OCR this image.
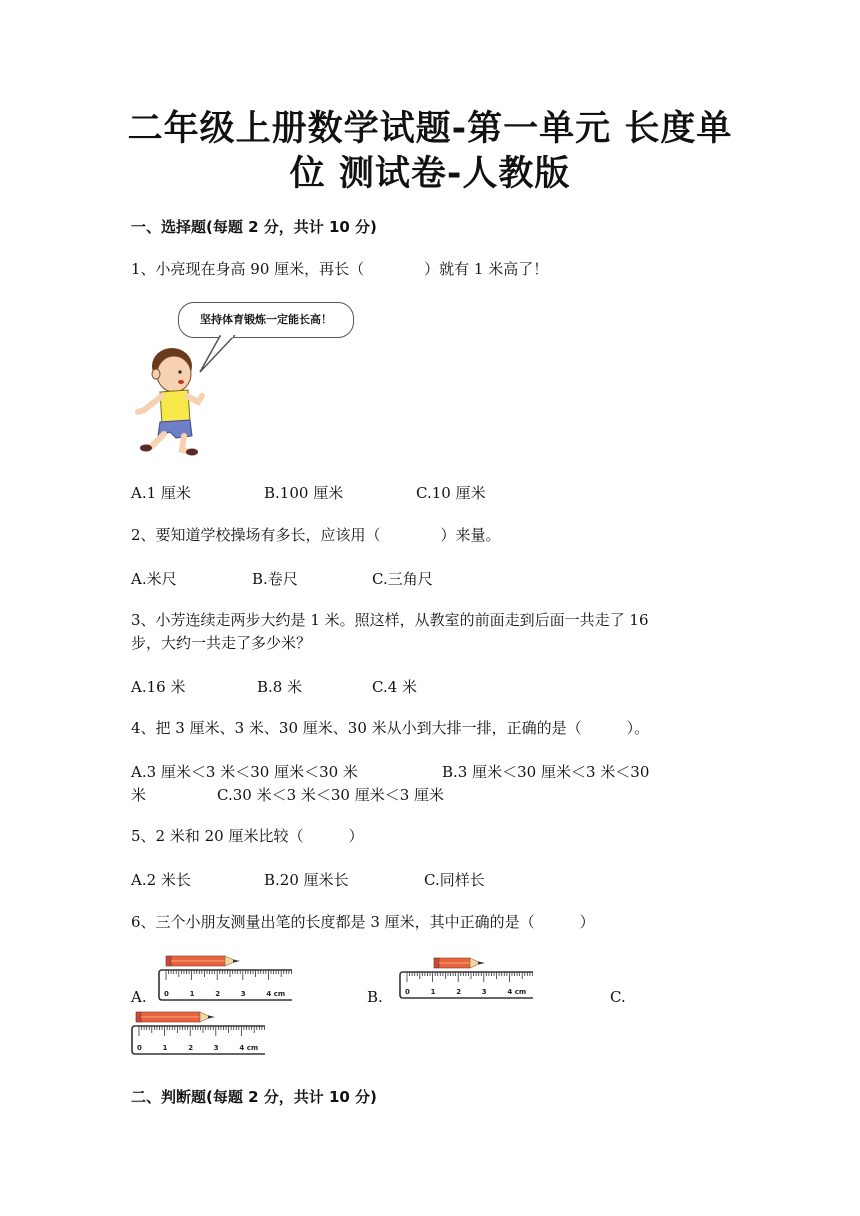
二年级上册数学试题-第一单元 长度单
位 测试卷-人教版
一、选择题(每题 2 分，共计 10 分)
1、小亮现在身高 90 厘米，再长（　　　　）就有 1 米高了！
坚持体育锻炼一定能长高！
A.1 厘米	B.100 厘米	C.10 厘米
2、要知道学校操场有多长，应该用（　　　　）来量。
A.米尺	B.卷尺	C.三角尺
3、小芳连续走两步大约是 1 米。照这样，从教室的前面走到后面一共走了 16
步，大约一共走了多少米？
A.16 米	B.8 米	C.4 米
4、把 3 厘米、3 米、30 厘米、30 米从小到大排一排，正确的是（　　　）。
A.3 厘米＜3 米＜30 厘米＜30 米	B.3 厘米＜30 厘米＜3 米＜30
米	C.30 米＜3 米＜30 厘米＜3 厘米
5、2 米和 20 厘米比较（　　　）
A.2 米长	B.20 厘米长	C.同样长
6、三个小朋友测量出笔的长度都是 3 厘米，其中正确的是（　　　）
A.	B.	C.
0	1	2	3	4 cm	0	1	2	3	4 cm
0	1	2	3	4 cm
二、判断题(每题 2 分，共计 10 分)
